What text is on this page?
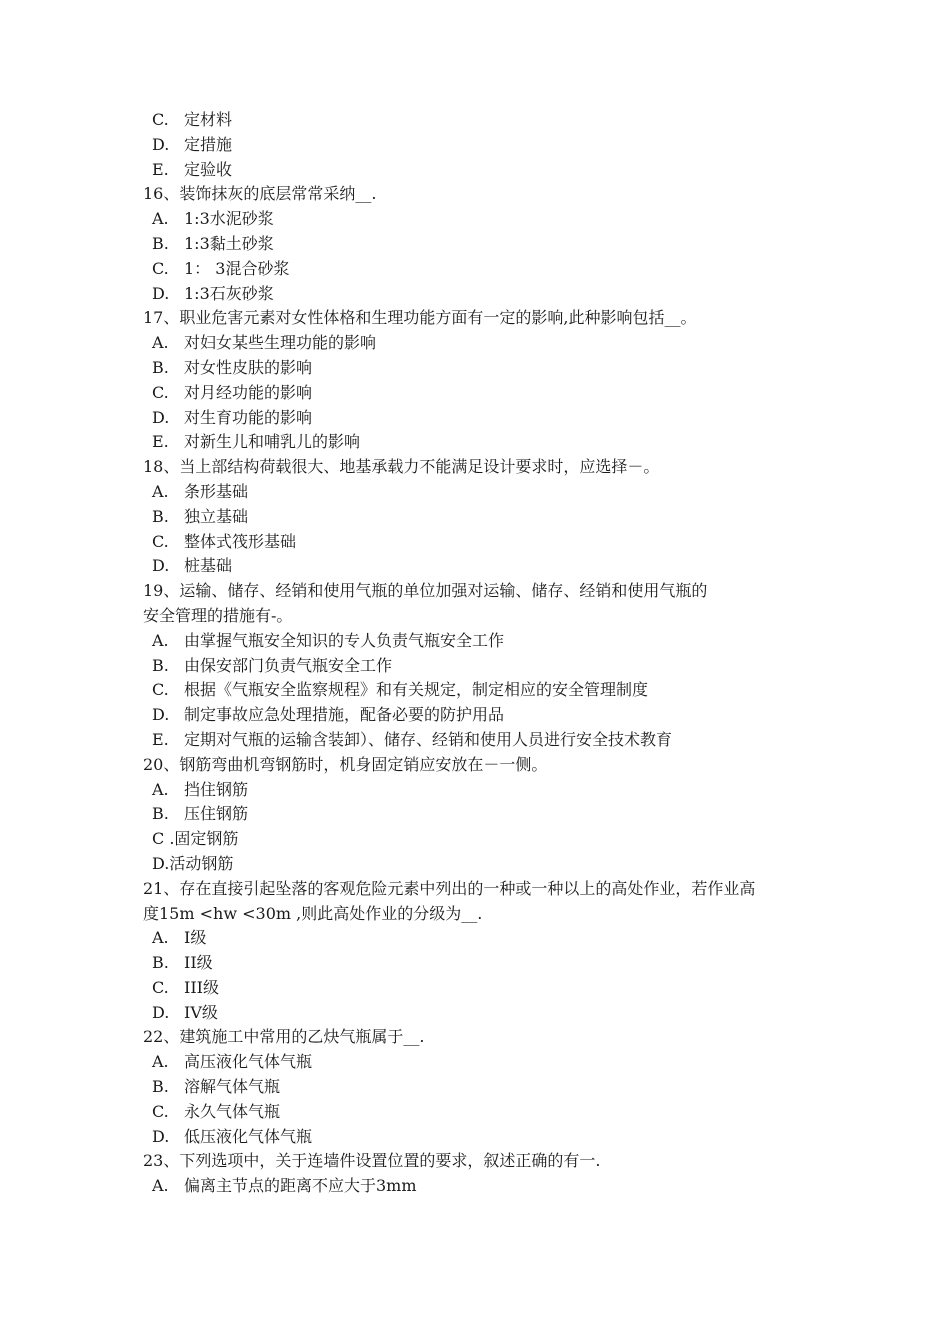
C. 定材料
D. 定措施
E. 定验收
16、装饰抹灰的底层常常采纳__.
A. 1:3水泥砂浆
B. 1:3黏土砂浆
C. 1： 3混合砂浆
D. 1:3石灰砂浆
17、职业危害元素对女性体格和生理功能方面有一定的影响,此种影响包括__。
A. 对妇女某些生理功能的影响
B. 对女性皮肤的影响
C. 对月经功能的影响
D. 对生育功能的影响
E. 对新生儿和哺乳儿的影响
18、当上部结构荷载很大、地基承载力不能满足设计要求时，应选择－。
A. 条形基础
B. 独立基础
C. 整体式筏形基础
D. 桩基础
19、运输、储存、经销和使用气瓶的单位加强对运输、储存、经销和使用气瓶的
安全管理的措施有-。
A. 由掌握气瓶安全知识的专人负责气瓶安全工作
B. 由保安部门负责气瓶安全工作
C. 根据《气瓶安全监察规程》和有关规定，制定相应的安全管理制度
D. 制定事故应急处理措施，配备必要的防护用品
E. 定期对气瓶的运输含装卸）、储存、经销和使用人员进行安全技术教育
20、钢筋弯曲机弯钢筋时，机身固定销应安放在－一侧。
A. 挡住钢筋
B. 压住钢筋
C .固定钢筋
D.活动钢筋
21、存在直接引起坠落的客观危险元素中列出的一种或一种以上的高处作业，若作业高
度15m <hw <30m ,则此高处作业的分级为__.
A. I级
B. II级
C. III级
D. IV级
22、建筑施工中常用的乙炔气瓶属于__.
A. 高压液化气体气瓶
B. 溶解气体气瓶
C. 永久气体气瓶
D. 低压液化气体气瓶
23、下列选项中，关于连墙件设置位置的要求，叙述正确的有一.
A. 偏离主节点的距离不应大于3mm
